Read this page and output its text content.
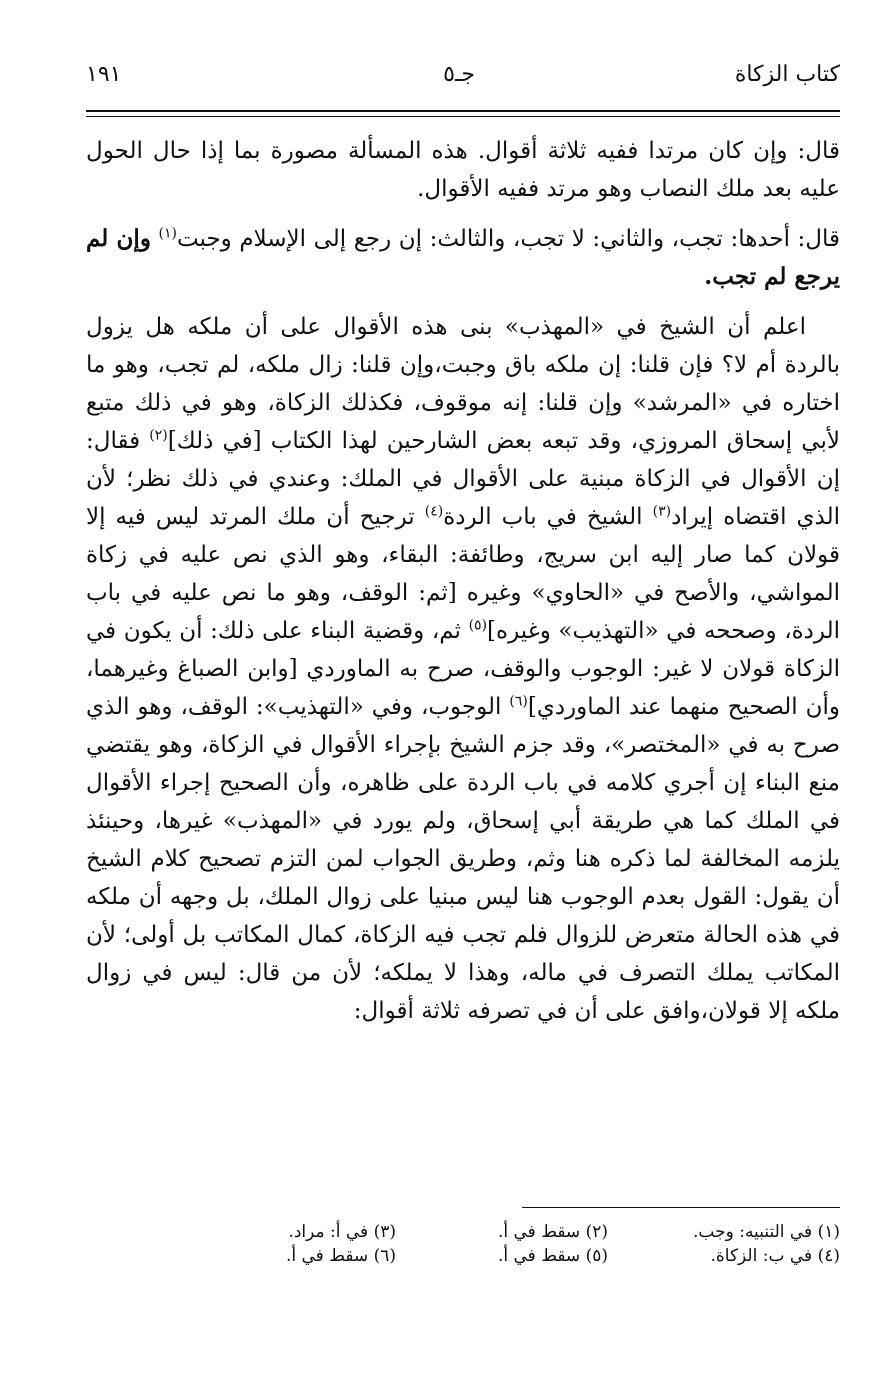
كتاب الزكاة
جـ٥
١٩١

قال: وإن كان مرتدا ففيه ثلاثة أقوال. هذه المسألة مصورة بما إذا حال الحول عليه بعد ملك النصاب وهو مرتد ففيه الأقوال.

قال: أحدها: تجب، والثاني: لا تجب، والثالث: إن رجع إلى الإسلام وجبت$^{(١)}$ وإن لم يرجع لم تجب.

اعلم أن الشيخ في «المهذب» بنى هذه الأقوال على أن ملكه هل يزول بالردة أم لا؟ فإن قلنا: إن ملكه باق وجبت،وإن قلنا: زال ملكه، لم تجب، وهو ما اختاره في «المرشد» وإن قلنا: إنه موقوف، فكذلك الزكاة، وهو في ذلك متبع لأبي إسحاق المروزي، وقد تبعه بعض الشارحين لهذا الكتاب [في ذلك]$^{(٢)}$ فقال: إن الأقوال في الزكاة مبنية على الأقوال في الملك: وعندي في ذلك نظر؛ لأن الذي اقتضاه إيراد$^{(٣)}$ الشيخ في باب الردة$^{(٤)}$ ترجيح أن ملك المرتد ليس فيه إلا قولان كما صار إليه ابن سريج، وطائفة: البقاء، وهو الذي نص عليه في زكاة المواشي، والأصح في «الحاوي» وغيره [ثم: الوقف، وهو ما نص عليه في باب الردة، وصححه في «التهذيب» وغيره]$^{(٥)}$ ثم، وقضية البناء على ذلك: أن يكون في الزكاة قولان لا غير: الوجوب والوقف، صرح به الماوردي [وابن الصباغ وغيرهما، وأن الصحيح منهما عند الماوردي]$^{(٦)}$ الوجوب، وفي «التهذيب»: الوقف، وهو الذي صرح به في «المختصر»، وقد جزم الشيخ بإجراء الأقوال في الزكاة، وهو يقتضي منع البناء إن أجري كلامه في باب الردة على ظاهره، وأن الصحيح إجراء الأقوال في الملك كما هي طريقة أبي إسحاق، ولم يورد في «المهذب» غيرها، وحينئذ يلزمه المخالفة لما ذكره هنا وثم، وطريق الجواب لمن التزم تصحيح كلام الشيخ أن يقول: القول بعدم الوجوب هنا ليس مبنيا على زوال الملك، بل وجهه أن ملكه في هذه الحالة متعرض للزوال فلم تجب فيه الزكاة، كمال المكاتب بل أولى؛ لأن المكاتب يملك التصرف في ماله، وهذا لا يملكه؛ لأن من قال: ليس في زوال ملكه إلا قولان،وافق على أن في تصرفه ثلاثة أقوال:

(١) في التنبيه: وجب.
(٢) سقط في أ.
(٣) في أ: مراد.
(٤) في ب: الزكاة.
(٥) سقط في أ.
(٦) سقط في أ.
